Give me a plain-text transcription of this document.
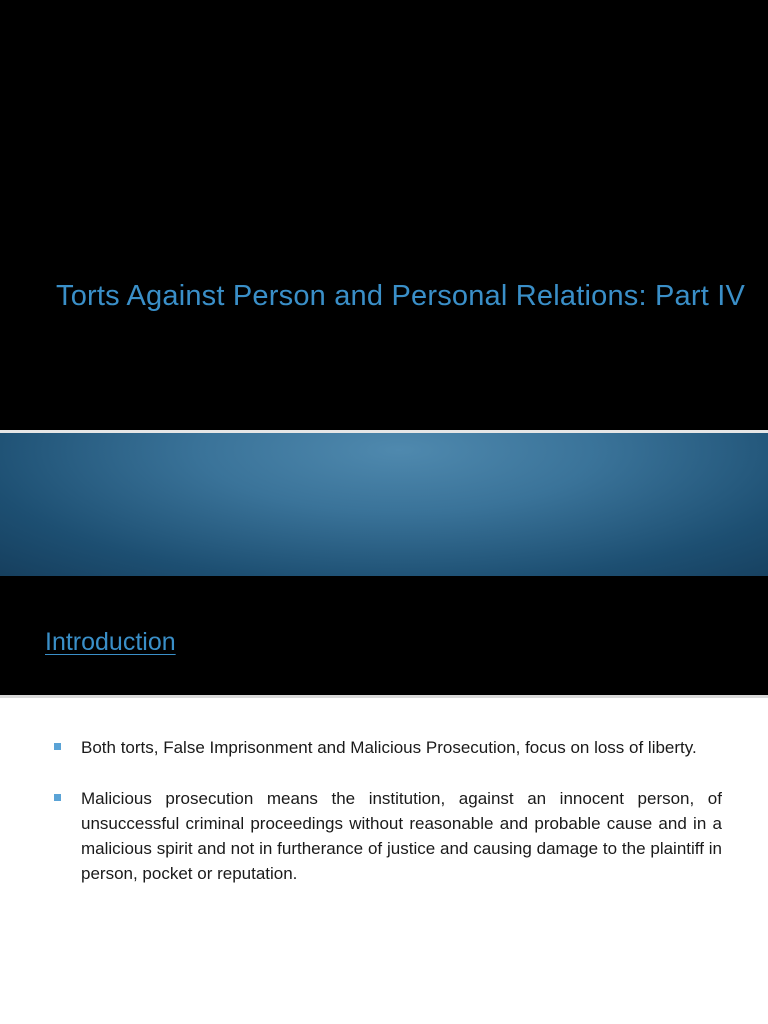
Torts Against Person and Personal Relations: Part IV
Introduction
Both torts, False Imprisonment and Malicious Prosecution, focus on loss of liberty.
Malicious prosecution means the institution, against an innocent person, of unsuccessful criminal proceedings without reasonable and probable cause and in a malicious spirit and not in furtherance of justice and causing damage to the plaintiff in person, pocket or reputation.
